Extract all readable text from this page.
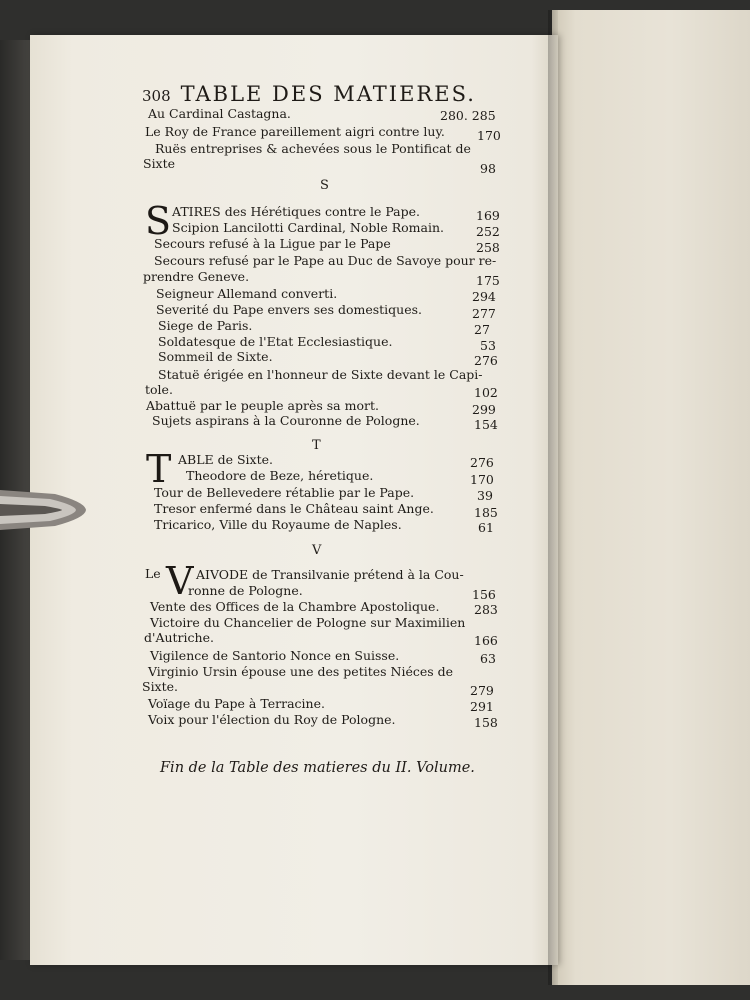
308 TABLE DES MATIERES.
Au Cardinal Castagna.	280. 285
Le Roy de France pareillement aigri contre luy.	170
Ruës entreprises & achevées sous le Pontificat de
Sixte	98
S
S ATIRES des Hérétiques contre le Pape.	169
Scipion Lancilotti Cardinal, Noble Romain.	252
Secours refusé à la Ligue par le Pape	258
Secours refusé par le Pape au Duc de Savoye pour re-
prendre Geneve.	175
Seigneur Allemand converti.	294
Severité du Pape envers ses domestiques.	277
Siege de Paris.	27
Soldatesque de l'Etat Ecclesiastique.	53
Sommeil de Sixte.	276
Statuë érigée en l'honneur de Sixte devant le Capi-
tole.	102
Abattuë par le peuple après sa mort.	299
Sujets aspirans à la Couronne de Pologne.	154
T
T ABLE de Sixte.	276
Theodore de Beze, héretique.	170
Tour de Bellevedere rétablie par le Pape.	39
Tresor enfermé dans le Château saint Ange.	185
Tricarico, Ville du Royaume de Naples.	61
V
Le V AIVODE de Transilvanie prétend à la Cou-
ronne de Pologne.	156
Vente des Offices de la Chambre Apostolique.	283
Victoire du Chancelier de Pologne sur Maximilien
d'Autriche.	166
Vigilence de Santorio Nonce en Suisse.	63
Virginio Ursin épouse une des petites Niéces de
Sixte.	279
Voïage du Pape à Terracine.	291
Voix pour l'élection du Roy de Pologne.	158
Fin de la Table des matieres du II. Volume.
